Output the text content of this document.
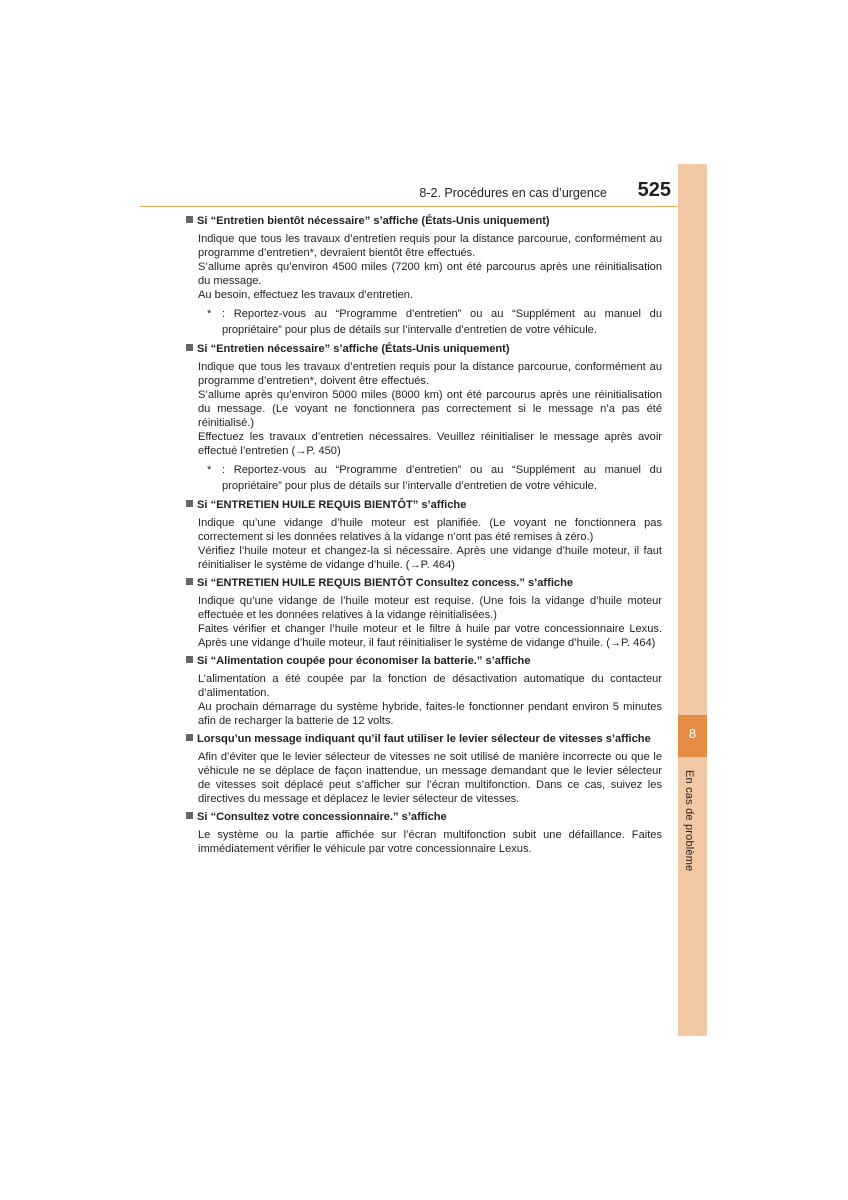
8-2. Procédures en cas d’urgence 525
8
En cas de problème
Si “Entretien bientôt nécessaire” s’affiche (États-Unis uniquement)

Indique que tous les travaux d’entretien requis pour la distance parcourue, conformément au programme d’entretien*, devraient bientôt être effectués.

S’allume après qu’environ 4500 miles (7200 km) ont été parcourus après une réinitialisation du message.

Au besoin, effectuez les travaux d’entretien.

* : Reportez-vous au “Programme d’entretien” ou au “Supplément au manuel du propriétaire” pour plus de détails sur l’intervalle d’entretien de votre véhicule.
Si “Entretien nécessaire” s’affiche (États-Unis uniquement)

Indique que tous les travaux d’entretien requis pour la distance parcourue, conformément au programme d’entretien*, doivent être effectués.

S’allume après qu’environ 5000 miles (8000 km) ont été parcourus après une réinitialisation du message. (Le voyant ne fonctionnera pas correctement si le message n’a pas été réinitialisé.)

Effectuez les travaux d’entretien nécessaires. Veuillez réinitialiser le message après avoir effectué l’entretien (→P. 450)

* : Reportez-vous au “Programme d’entretien” ou au “Supplément au manuel du propriétaire” pour plus de détails sur l’intervalle d’entretien de votre véhicule.
Si “ENTRETIEN HUILE REQUIS BIENTÔT” s’affiche

Indique qu’une vidange d’huile moteur est planifiée. (Le voyant ne fonctionnera pas correctement si les données relatives à la vidange n’ont pas été remises à zéro.)

Vérifiez l’huile moteur et changez-la si nécessaire. Après une vidange d’huile moteur, il faut réinitialiser le système de vidange d’huile. (→P. 464)

Si “ENTRETIEN HUILE REQUIS BIENTÔT Consultez concess.” s’affiche

Indique qu’une vidange de l’huile moteur est requise. (Une fois la vidange d’huile moteur effectuée et les données relatives à la vidange réinitialisées.)

Faites vérifier et changer l’huile moteur et le filtre à huile par votre concessionnaire Lexus. Après une vidange d’huile moteur, il faut réinitialiser le système de vidange d’huile. (→P. 464)

Si “Alimentation coupée pour économiser la batterie.” s’affiche

L’alimentation a été coupée par la fonction de désactivation automatique du contacteur d’alimentation.

Au prochain démarrage du système hybride, faites-le fonctionner pendant environ 5 minutes afin de recharger la batterie de 12 volts.

Lorsqu’un message indiquant qu’il faut utiliser le levier sélecteur de vitesses s’affiche

Afin d’éviter que le levier sélecteur de vitesses ne soit utilisé de manière incorrecte ou que le véhicule ne se déplace de façon inattendue, un message demandant que le levier sélecteur de vitesses soit déplacé peut s’afficher sur l’écran multifonction. Dans ce cas, suivez les directives du message et déplacez le levier sélecteur de vitesses.

Si “Consultez votre concessionnaire.” s’affiche

Le système ou la partie affichée sur l’écran multifonction subit une défaillance. Faites immédiatement vérifier le véhicule par votre concessionnaire Lexus.
